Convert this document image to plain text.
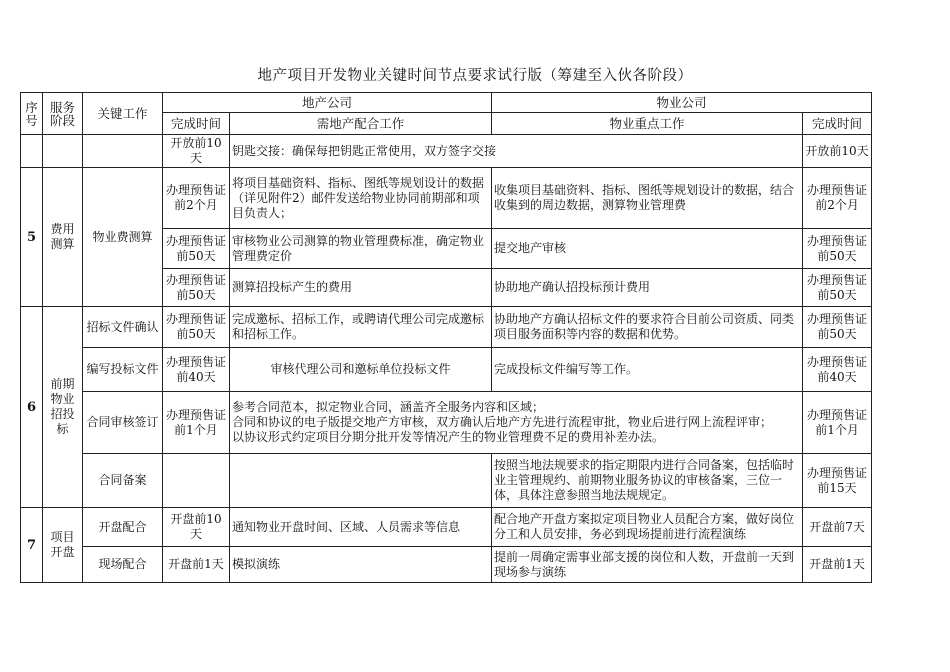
地产项目开发物业关键时间节点要求试行版（筹建至入伙各阶段）
序号	服务阶段	关键工作	地产公司		物业公司	
			完成时间	需地产配合工作	物业重点工作	完成时间
			开放前10天	钥匙交接：确保每把钥匙正常使用，双方签字交接		开放前10天
5	费用测算	物业费测算	办理预售证前2个月	将项目基础资料、指标、图纸等规划设计的数据（详见附件2）邮件发送给物业协同前期部和项目负责人；	收集项目基础资料、指标、图纸等规划设计的数据，结合收集到的周边数据，测算物业管理费	办理预售证前2个月
			办理预售证前50天	审核物业公司测算的物业管理费标准，确定物业管理费定价	提交地产审核	办理预售证前50天
			办理预售证前50天	测算招投标产生的费用	协助地产确认招投标预计费用	办理预售证前50天
6	前期物业招投标	招标文件确认	办理预售证前50天	完成邀标、招标工作，或聘请代理公司完成邀标和招标工作。	协助地产方确认招标文件的要求符合目前公司资质、同类项目服务面积等内容的数据和优势。	办理预售证前50天
		编写投标文件	办理预售证前40天	审核代理公司和邀标单位投标文件	完成投标文件编写等工作。	办理预售证前40天
		合同审核签订	办理预售证前1个月	参考合同范本，拟定物业合同，涵盖齐全服务内容和区域；
合同和协议的电子版提交地产方审核，双方确认后地产方先进行流程审批，物业后进行网上流程评审；
以协议形式约定项目分期分批开发等情况产生的物业管理费不足的费用补差办法。		办理预售证前1个月
		合同备案			按照当地法规要求的指定期限内进行合同备案，包括临时业主管理规约、前期物业服务协议的审核备案，三位一体，具体注意参照当地法规规定。	办理预售证前15天
7	项目开盘	开盘配合	开盘前10天	通知物业开盘时间、区域、人员需求等信息	配合地产开盘方案拟定项目物业人员配合方案，做好岗位分工和人员安排，务必到现场提前进行流程演练	开盘前7天
		现场配合	开盘前1天	模拟演练	提前一周确定需事业部支援的岗位和人数，开盘前一天到现场参与演练	开盘前1天
